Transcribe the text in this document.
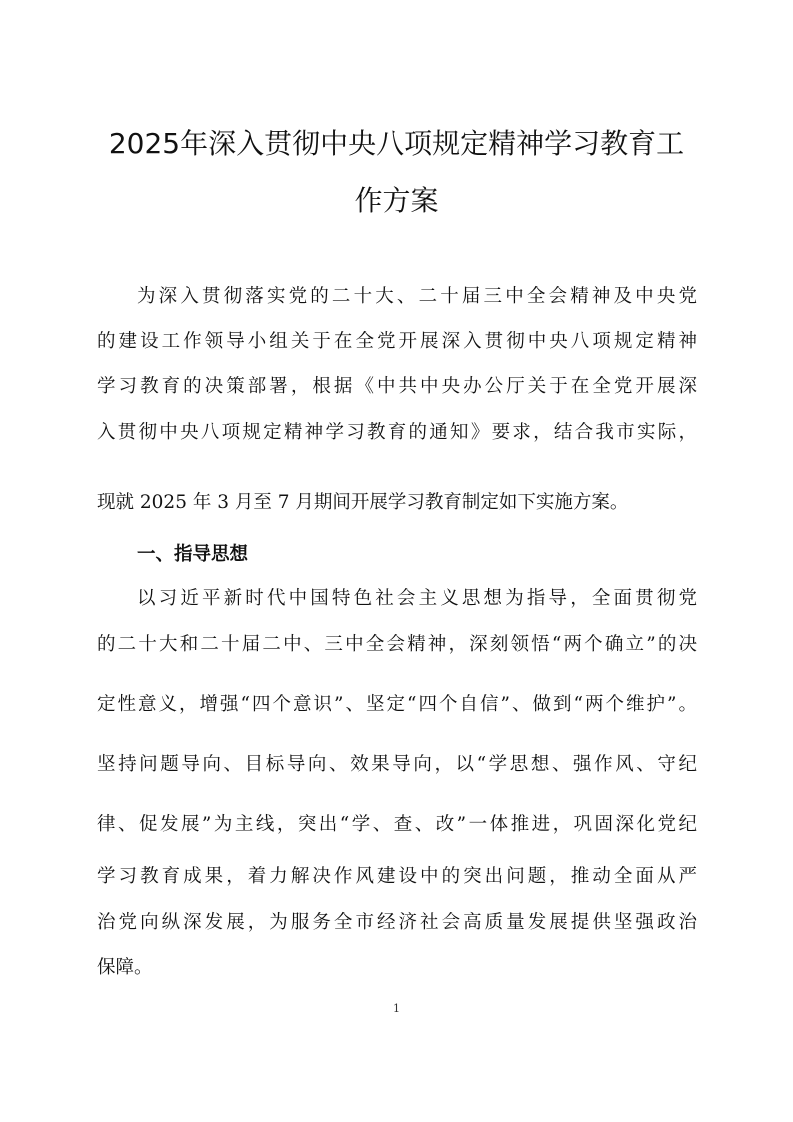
2025年深入贯彻中央八项规定精神学习教育工
作方案
为深入贯彻落实党的二十大、二十届三中全会精神及中央党
的建设工作领导小组关于在全党开展深入贯彻中央八项规定精神
学习教育的决策部署，根据《中共中央办公厅关于在全党开展深
入贯彻中央八项规定精神学习教育的通知》要求，结合我市实际，
现就 2025 年 3 月至 7 月期间开展学习教育制定如下实施方案。
一、指导思想
以习近平新时代中国特色社会主义思想为指导，全面贯彻党
的二十大和二十届二中、三中全会精神，深刻领悟“两个确立”的决
定性意义，增强“四个意识”、坚定“四个自信”、做到“两个维护”。
坚持问题导向、目标导向、效果导向，以“学思想、强作风、守纪
律、促发展”为主线，突出“学、查、改”一体推进，巩固深化党纪
学习教育成果，着力解决作风建设中的突出问题，推动全面从严
治党向纵深发展，为服务全市经济社会高质量发展提供坚强政治
保障。
1
